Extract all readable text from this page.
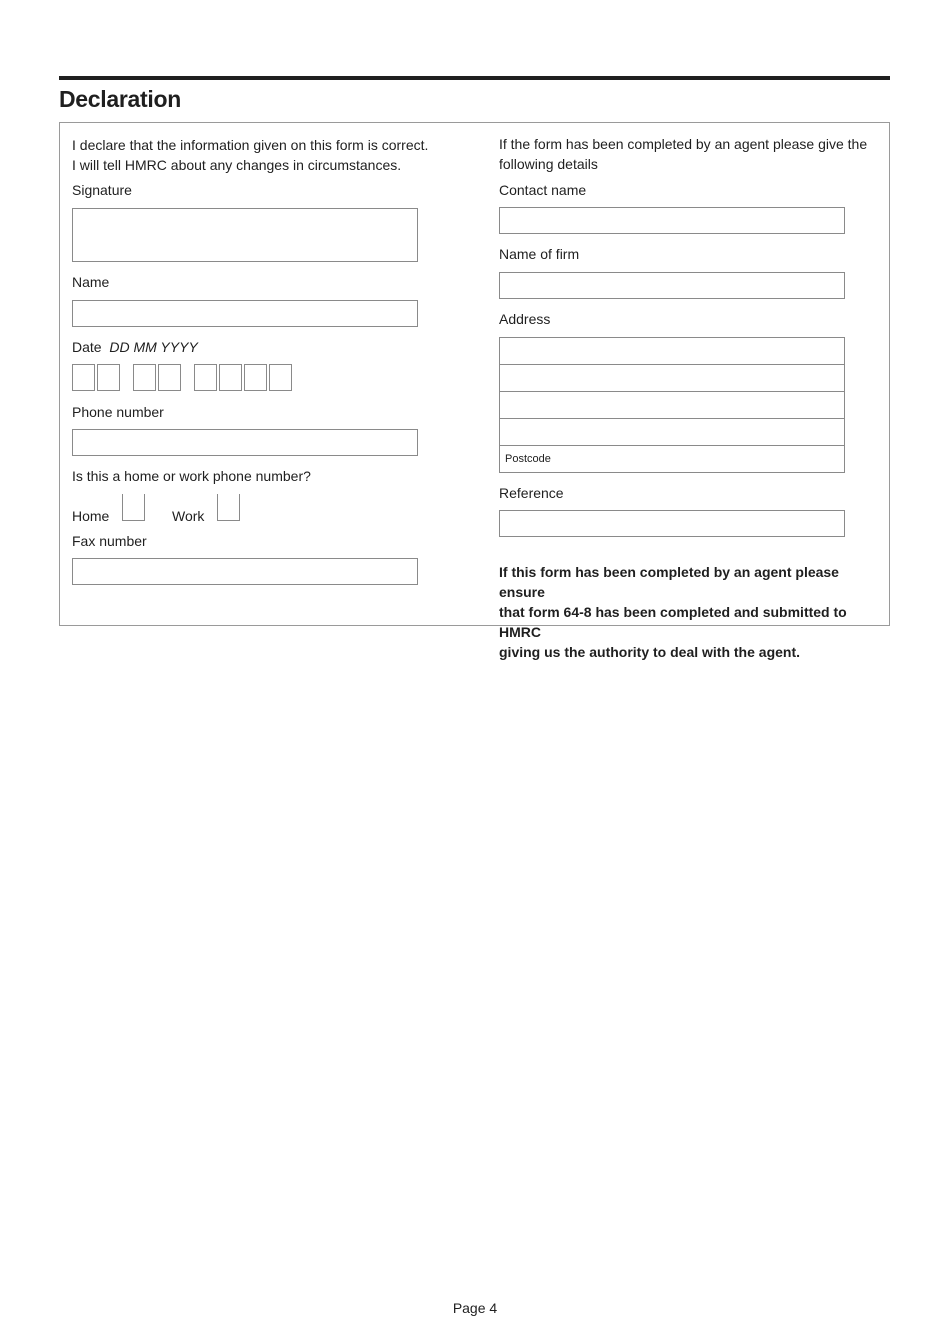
Declaration

I declare that the information given on this form is correct.

I will tell HMRC about any changes in circumstances.

Signature

Name

Date DD MM YYYY

Phone number

Is this a home or work phone number?

Home	Work

Fax number

If the form has been completed by an agent please give the

following details

Contact name

Name of firm

Address

Postcode

Reference

If this form has been completed by an agent please ensure
that form 64-8 has been completed and submitted to HMRC
giving us the authority to deal with the agent.
Page 4
